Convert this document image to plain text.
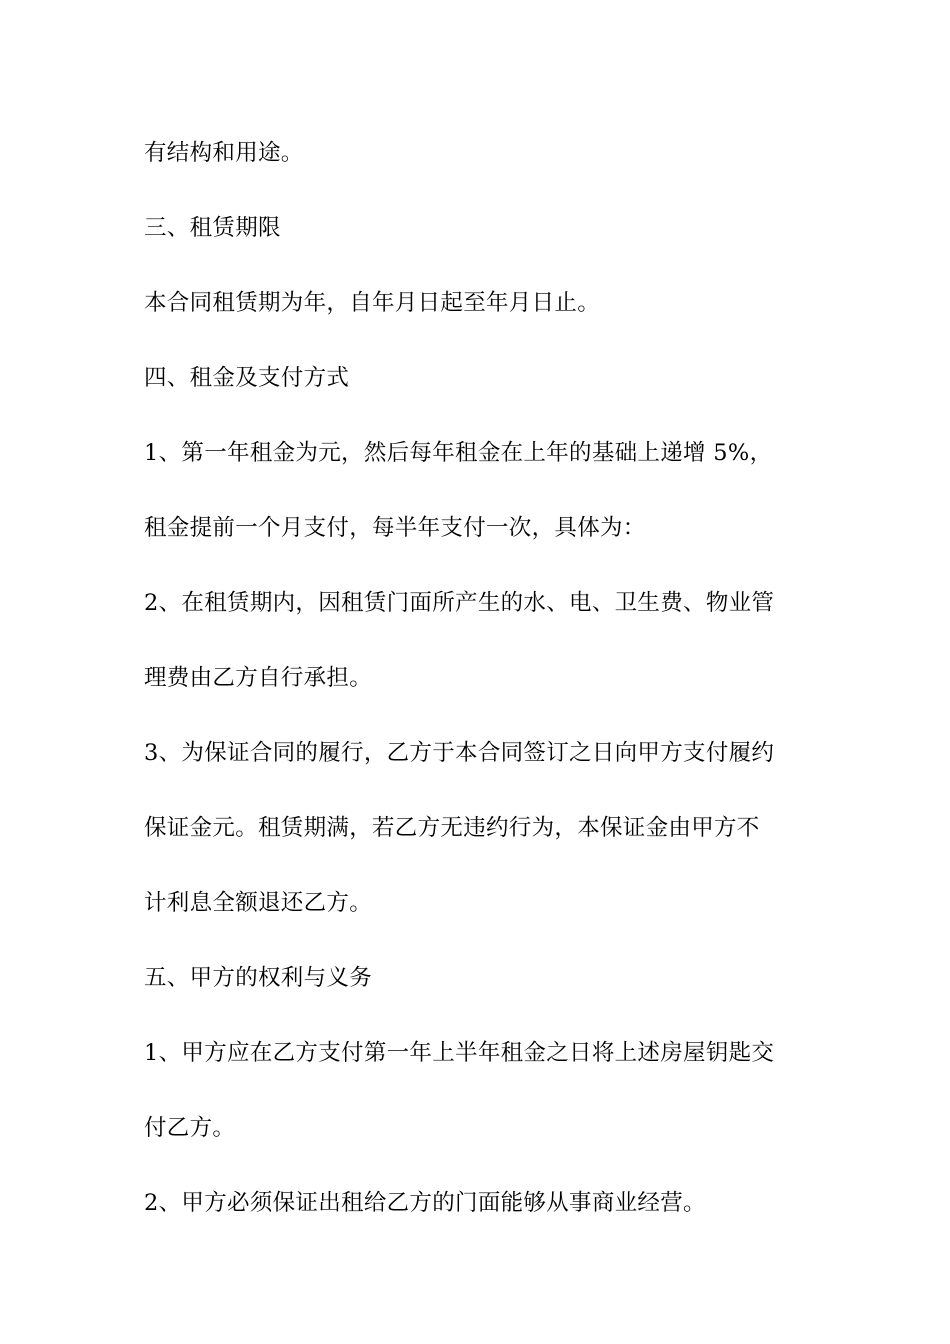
有结构和用途。

三、租赁期限

本合同租赁期为年，自年月日起至年月日止。

四、租金及支付方式

1、第一年租金为元，然后每年租金在上年的基础上递增 5%，

租金提前一个月支付，每半年支付一次，具体为：

2、在租赁期内，因租赁门面所产生的水、电、卫生费、物业管

理费由乙方自行承担。

3、为保证合同的履行，乙方于本合同签订之日向甲方支付履约

保证金元。租赁期满，若乙方无违约行为，本保证金由甲方不

计利息全额退还乙方。

五、甲方的权利与义务

1、甲方应在乙方支付第一年上半年租金之日将上述房屋钥匙交

付乙方。

2、甲方必须保证出租给乙方的门面能够从事商业经营。
